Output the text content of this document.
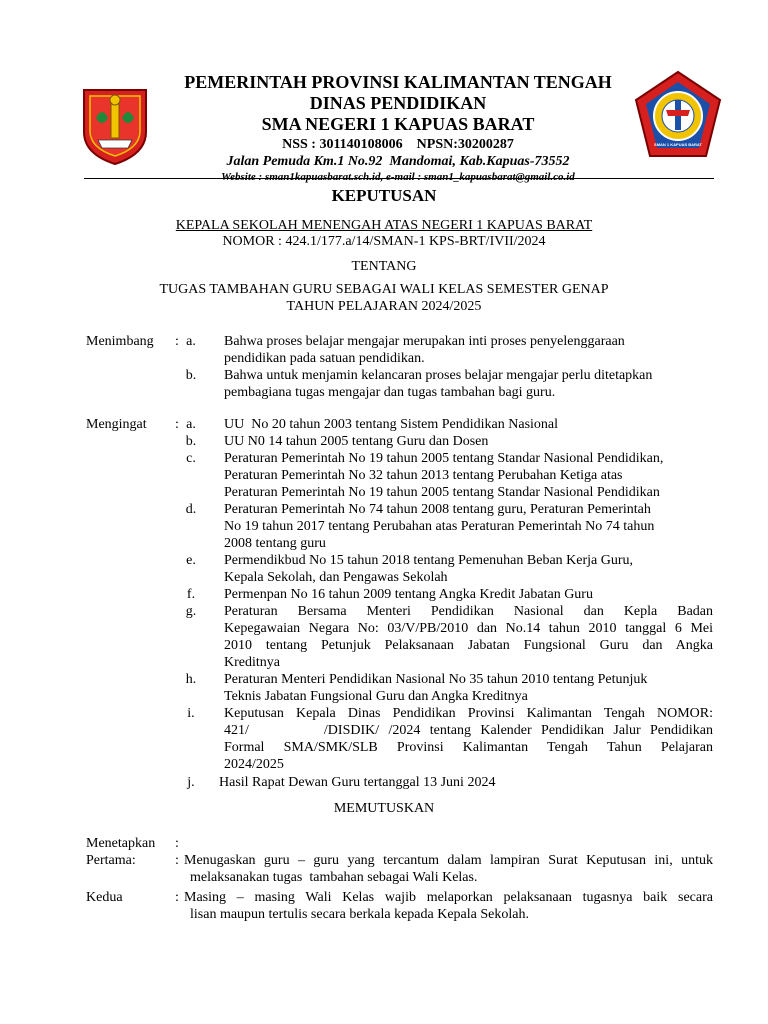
SMAN 1 KAPUAS BARAT
PEMERINTAH PROVINSI KALIMANTAN TENGAH
DINAS PENDIDIKAN
SMA NEGERI 1 KAPUAS BARAT
NSS : 301140108006    NPSN:30200287
Jalan Pemuda Km.1 No.92  Mandomai, Kab.Kapuas-73552
Website : sman1kapuasbarat.sch.id, e-mail : sman1_kapuasbarat@gmail.co.id
KEPUTUSAN
KEPALA SEKOLAH MENENGAH ATAS NEGERI 1 KAPUAS BARAT
NOMOR : 424.1/177.a/14/SMAN-1 KPS-BRT/IVII/2024
TENTANG
TUGAS TAMBAHAN GURU SEBAGAI WALI KELAS SEMESTER GENAP
TAHUN PELAJARAN 2024/2025
Menimbang : a. Bahwa proses belajar mengajar merupakan inti proses penyelenggaraan
pendidikan pada satuan pendidikan.
b. Bahwa untuk menjamin kelancaran proses belajar mengajar perlu ditetapkan
pembagiana tugas mengajar dan tugas tambahan bagi guru.
Mengingat : a. UU  No 20 tahun 2003 tentang Sistem Pendidikan Nasional
b. UU N0 14 tahun 2005 tentang Guru dan Dosen
c. Peraturan Pemerintah No 19 tahun 2005 tentang Standar Nasional Pendidikan,
Peraturan Pemerintah No 32 tahun 2013 tentang Perubahan Ketiga atas
Peraturan Pemerintah No 19 tahun 2005 tentang Standar Nasional Pendidikan
d. Peraturan Pemerintah No 74 tahun 2008 tentang guru, Peraturan Pemerintah
No 19 tahun 2017 tentang Perubahan atas Peraturan Pemerintah No 74 tahun
2008 tentang guru
e. Permendikbud No 15 tahun 2018 tentang Pemenuhan Beban Kerja Guru,
Kepala Sekolah, dan Pengawas Sekolah
f. Permenpan No 16 tahun 2009 tentang Angka Kredit Jabatan Guru
g. Peraturan Bersama Menteri Pendidikan Nasional dan Kepla Badan
Kepegawaian Negara No: 03/V/PB/2010 dan No.14 tahun 2010 tanggal 6 Mei
2010 tentang Petunjuk Pelaksanaan Jabatan Fungsional Guru dan Angka
Kreditnya
h. Peraturan Menteri Pendidikan Nasional No 35 tahun 2010 tentang Petunjuk
Teknis Jabatan Fungsional Guru dan Angka Kreditnya
i. Keputusan Kepala Dinas Pendidikan Provinsi Kalimantan Tengah NOMOR:
421/        /DISDIK/ /2024 tentang Kalender Pendidikan Jalur Pendidikan
Formal SMA/SMK/SLB Provinsi Kalimantan Tengah Tahun Pelajaran
2024/2025
j. Hasil Rapat Dewan Guru tertanggal 13 Juni 2024
MEMUTUSKAN
Menetapkan :
Pertama:	: Menugaskan guru – guru yang tercantum dalam lampiran Surat Keputusan ini, untuk
melaksanakan tugas  tambahan sebagai Wali Kelas.
Kedua	: Masing – masing Wali Kelas wajib melaporkan pelaksanaan tugasnya baik secara
lisan maupun tertulis secara berkala kepada Kepala Sekolah.
